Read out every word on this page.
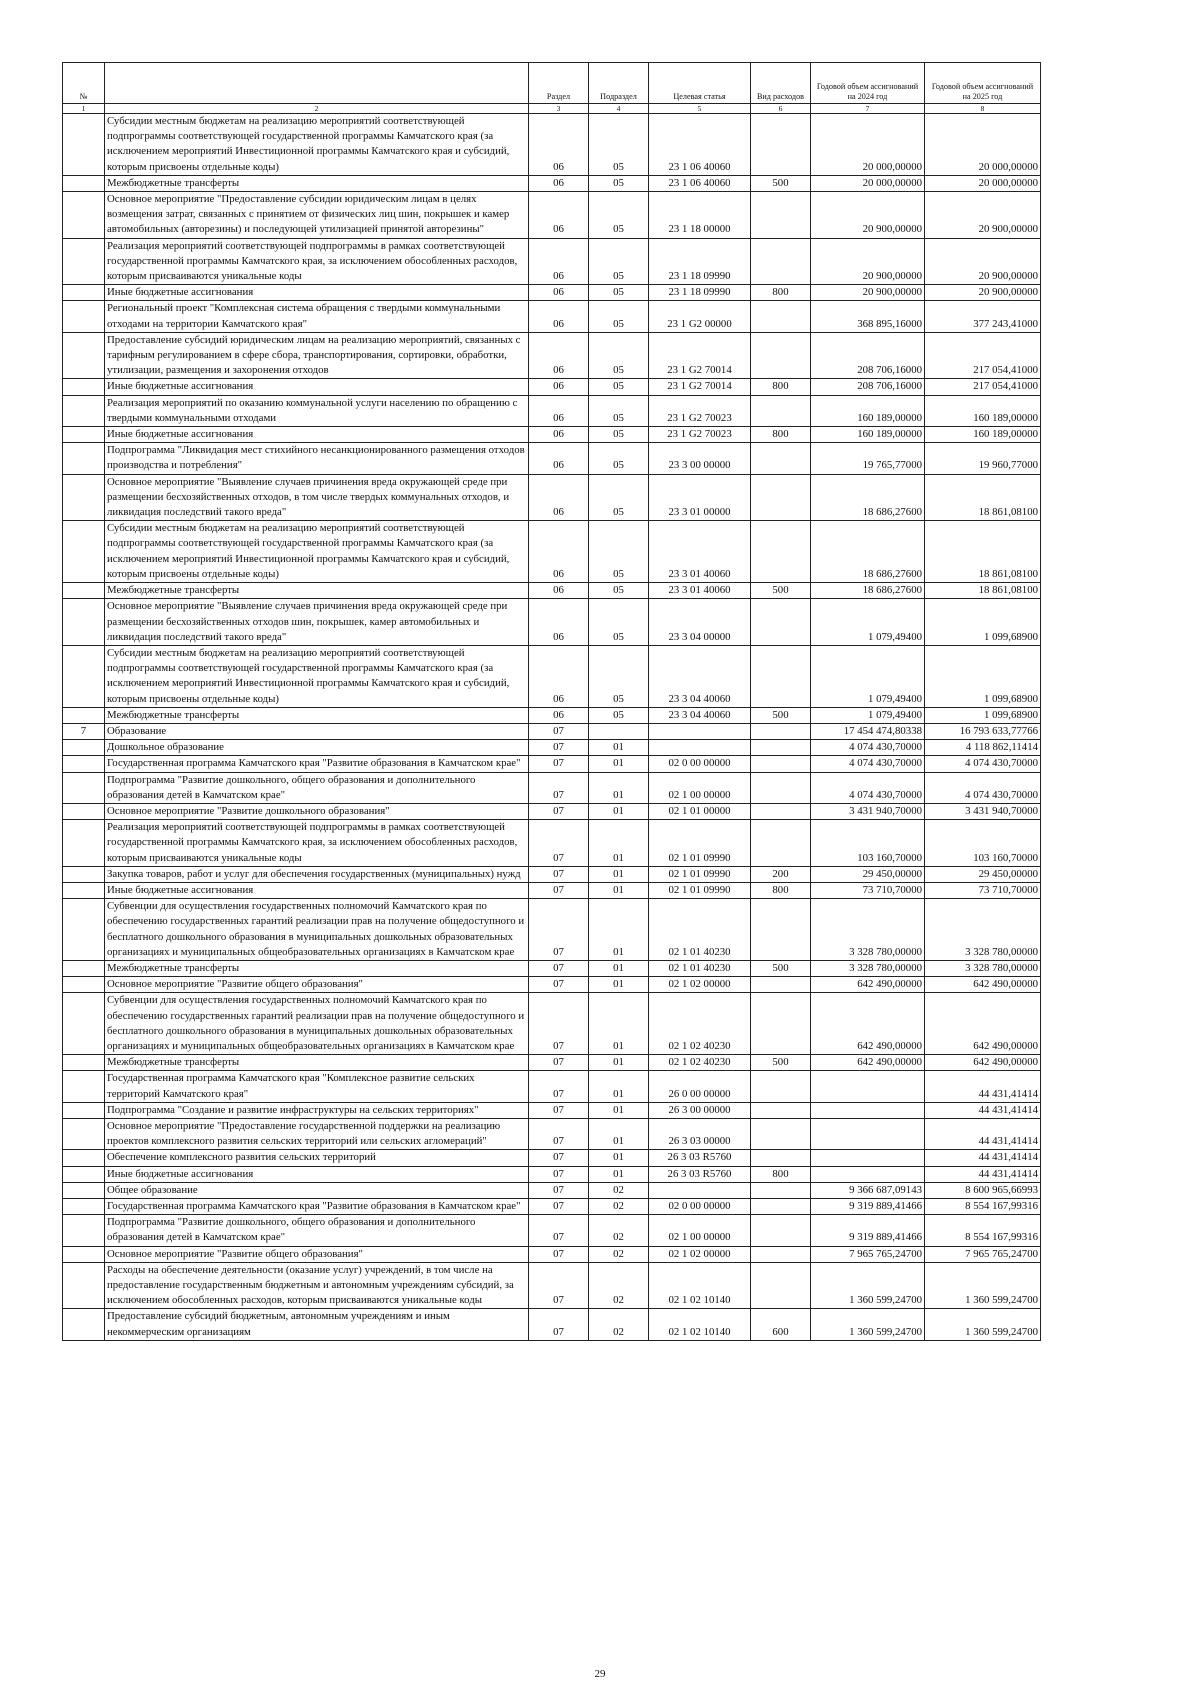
№		Раздел	Подраздел	Целевая статья	Вид расходов	Годовой объем ассигнований на 2024 год	Годовой объем ассигнований на 2025 год
1	2	3	4	5	6	7	8
	Субсидии местным бюджетам на реализацию мероприятий соответствующей подпрограммы соответствующей государственной программы Камчатского края (за исключением мероприятий Инвестиционной программы Камчатского края и субсидий, которым присвоены отдельные коды)	06	05	23 1 06 40060		20 000,00000	20 000,00000
	Межбюджетные трансферты	06	05	23 1 06 40060	500	20 000,00000	20 000,00000
	Основное мероприятие "Предоставление субсидии юридическим лицам в целях возмещения затрат, связанных с принятием от физических лиц шин, покрышек и камер автомобильных (авторезины) и последующей утилизацией принятой авторезины"	06	05	23 1 18 00000		20 900,00000	20 900,00000
	Реализация мероприятий соответствующей подпрограммы в рамках соответствующей государственной программы Камчатского края, за исключением обособленных расходов, которым присваиваются уникальные коды	06	05	23 1 18 09990		20 900,00000	20 900,00000
	Иные бюджетные ассигнования	06	05	23 1 18 09990	800	20 900,00000	20 900,00000
	Региональный проект "Комплексная система обращения с твердыми коммунальными отходами на территории Камчатского края"	06	05	23 1 G2 00000		368 895,16000	377 243,41000
	Предоставление субсидий юридическим лицам на реализацию мероприятий, связанных с тарифным регулированием в сфере сбора, транспортирования, сортировки, обработки, утилизации, размещения и захоронения отходов	06	05	23 1 G2 70014		208 706,16000	217 054,41000
	Иные бюджетные ассигнования	06	05	23 1 G2 70014	800	208 706,16000	217 054,41000
	Реализация мероприятий по оказанию коммунальной услуги населению по обращению с твердыми коммунальными отходами	06	05	23 1 G2 70023		160 189,00000	160 189,00000
	Иные бюджетные ассигнования	06	05	23 1 G2 70023	800	160 189,00000	160 189,00000
	Подпрограмма "Ликвидация мест стихийного несанкционированного размещения отходов производства и потребления"	06	05	23 3 00 00000		19 765,77000	19 960,77000
	Основное мероприятие "Выявление случаев причинения вреда окружающей среде при размещении бесхозяйственных отходов, в том числе твердых коммунальных отходов, и ликвидация последствий такого вреда"	06	05	23 3 01 00000		18 686,27600	18 861,08100
	Субсидии местным бюджетам на реализацию мероприятий соответствующей подпрограммы соответствующей государственной программы Камчатского края (за исключением мероприятий Инвестиционной программы Камчатского края и субсидий, которым присвоены отдельные коды)	06	05	23 3 01 40060		18 686,27600	18 861,08100
	Межбюджетные трансферты	06	05	23 3 01 40060	500	18 686,27600	18 861,08100
	Основное мероприятие "Выявление случаев причинения вреда окружающей среде при размещении бесхозяйственных отходов шин, покрышек, камер автомобильных и ликвидация последствий такого вреда"	06	05	23 3 04 00000		1 079,49400	1 099,68900
	Субсидии местным бюджетам на реализацию мероприятий соответствующей подпрограммы соответствующей государственной программы Камчатского края (за исключением мероприятий Инвестиционной программы Камчатского края и субсидий, которым присвоены отдельные коды)	06	05	23 3 04 40060		1 079,49400	1 099,68900
	Межбюджетные трансферты	06	05	23 3 04 40060	500	1 079,49400	1 099,68900
7	Образование	07				17 454 474,80338	16 793 633,77766
	Дошкольное образование	07	01			4 074 430,70000	4 118 862,11414
	Государственная программа Камчатского края "Развитие образования в Камчатском крае"	07	01	02 0 00 00000		4 074 430,70000	4 074 430,70000
	Подпрограмма "Развитие дошкольного, общего образования и дополнительного образования детей в Камчатском крае"	07	01	02 1 00 00000		4 074 430,70000	4 074 430,70000
	Основное мероприятие "Развитие дошкольного образования"	07	01	02 1 01 00000		3 431 940,70000	3 431 940,70000
	Реализация мероприятий соответствующей подпрограммы в рамках соответствующей государственной программы Камчатского края, за исключением обособленных расходов, которым присваиваются уникальные коды	07	01	02 1 01 09990		103 160,70000	103 160,70000
	Закупка товаров, работ и услуг для обеспечения государственных (муниципальных) нужд	07	01	02 1 01 09990	200	29 450,00000	29 450,00000
	Иные бюджетные ассигнования	07	01	02 1 01 09990	800	73 710,70000	73 710,70000
	Субвенции для осуществления государственных полномочий Камчатского края по обеспечению государственных гарантий реализации прав на получение общедоступного и бесплатного дошкольного образования в муниципальных дошкольных образовательных организациях и муниципальных общеобразовательных организациях в Камчатском крае	07	01	02 1 01 40230		3 328 780,00000	3 328 780,00000
	Межбюджетные трансферты	07	01	02 1 01 40230	500	3 328 780,00000	3 328 780,00000
	Основное мероприятие "Развитие общего образования"	07	01	02 1 02 00000		642 490,00000	642 490,00000
	Субвенции для осуществления государственных полномочий Камчатского края по обеспечению государственных гарантий реализации прав на получение общедоступного и бесплатного дошкольного образования в муниципальных дошкольных образовательных организациях и муниципальных общеобразовательных организациях в Камчатском крае	07	01	02 1 02 40230		642 490,00000	642 490,00000
	Межбюджетные трансферты	07	01	02 1 02 40230	500	642 490,00000	642 490,00000
	Государственная программа Камчатского края "Комплексное развитие сельских территорий Камчатского края"	07	01	26 0 00 00000			44 431,41414
	Подпрограмма "Создание и развитие инфраструктуры на сельских территориях"	07	01	26 3 00 00000			44 431,41414
	Основное мероприятие "Предоставление государственной поддержки на реализацию проектов комплексного развития сельских территорий или сельских агломераций"	07	01	26 3 03 00000			44 431,41414
	Обеспечение комплексного развития сельских территорий	07	01	26 3 03 R5760			44 431,41414
	Иные бюджетные ассигнования	07	01	26 3 03 R5760	800		44 431,41414
	Общее образование	07	02			9 366 687,09143	8 600 965,66993
	Государственная программа Камчатского края "Развитие образования в Камчатском крае"	07	02	02 0 00 00000		9 319 889,41466	8 554 167,99316
	Подпрограмма "Развитие дошкольного, общего образования и дополнительного образования детей в Камчатском крае"	07	02	02 1 00 00000		9 319 889,41466	8 554 167,99316
	Основное мероприятие "Развитие общего образования"	07	02	02 1 02 00000		7 965 765,24700	7 965 765,24700
	Расходы на обеспечение деятельности (оказание услуг) учреждений, в том числе на предоставление государственным бюджетным и автономным учреждениям субсидий, за исключением обособленных расходов, которым присваиваются уникальные коды	07	02	02 1 02 10140		1 360 599,24700	1 360 599,24700
	Предоставление субсидий бюджетным, автономным учреждениям и иным некоммерческим организациям	07	02	02 1 02 10140	600	1 360 599,24700	1 360 599,24700
29
